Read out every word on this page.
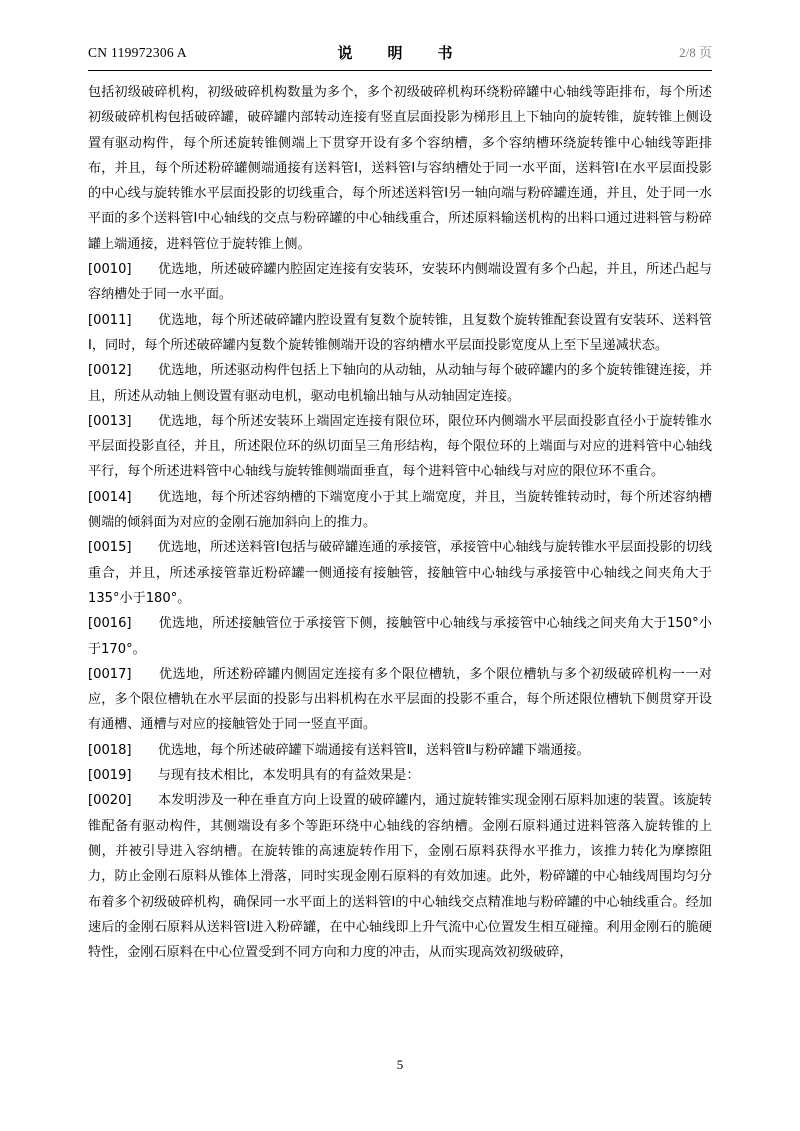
CN 119972306 A	说　明　书	2/8 页

包括初级破碎机构，初级破碎机构数量为多个，多个初级破碎机构环绕粉碎罐中心轴线等距排布，每个所述初级破碎机构包括破碎罐，破碎罐内部转动连接有竖直层面投影为梯形且上下轴向的旋转锥，旋转锥上侧设置有驱动构件，每个所述旋转锥侧端上下贯穿开设有多个容纳槽，多个容纳槽环绕旋转锥中心轴线等距排布，并且，每个所述粉碎罐侧端通接有送料管Ⅰ，送料管Ⅰ与容纳槽处于同一水平面，送料管Ⅰ在水平层面投影的中心线与旋转锥水平层面投影的切线重合，每个所述送料管Ⅰ另一轴向端与粉碎罐连通，并且，处于同一水平面的多个送料管Ⅰ中心轴线的交点与粉碎罐的中心轴线重合，所述原料输送机构的出料口通过进料管与粉碎罐上端通接，进料管位于旋转锥上侧。

[0010]　　 优选地，所述破碎罐内腔固定连接有安装环，安装环内侧端设置有多个凸起，并且，所述凸起与容纳槽处于同一水平面。

[0011]　　 优选地，每个所述破碎罐内腔设置有复数个旋转锥，且复数个旋转锥配套设置有安装环、送料管Ⅰ，同时，每个所述破碎罐内复数个旋转锥侧端开设的容纳槽水平层面投影宽度从上至下呈递减状态。

[0012]　　 优选地，所述驱动构件包括上下轴向的从动轴，从动轴与每个破碎罐内的多个旋转锥键连接，并且，所述从动轴上侧设置有驱动电机，驱动电机输出轴与从动轴固定连接。

[0013]　　 优选地，每个所述安装环上端固定连接有限位环，限位环内侧端水平层面投影直径小于旋转锥水平层面投影直径，并且，所述限位环的纵切面呈三角形结构，每个限位环的上端面与对应的进料管中心轴线平行，每个所述进料管中心轴线与旋转锥侧端面垂直，每个进料管中心轴线与对应的限位环不重合。

[0014]　　 优选地，每个所述容纳槽的下端宽度小于其上端宽度，并且，当旋转锥转动时，每个所述容纳槽侧端的倾斜面为对应的金刚石施加斜向上的推力。

[0015]　　 优选地，所述送料管Ⅰ包括与破碎罐连通的承接管，承接管中心轴线与旋转锥水平层面投影的切线重合，并且，所述承接管靠近粉碎罐一侧通接有接触管，接触管中心轴线与承接管中心轴线之间夹角大于135°小于180°。

[0016]　　 优选地，所述接触管位于承接管下侧，接触管中心轴线与承接管中心轴线之间夹角大于150°小于170°。

[0017]　　 优选地，所述粉碎罐内侧固定连接有多个限位槽轨，多个限位槽轨与多个初级破碎机构一一对应，多个限位槽轨在水平层面的投影与出料机构在水平层面的投影不重合，每个所述限位槽轨下侧贯穿开设有通槽、通槽与对应的接触管处于同一竖直平面。

[0018]　　 优选地，每个所述破碎罐下端通接有送料管Ⅱ，送料管Ⅱ与粉碎罐下端通接。

[0019]　　 与现有技术相比，本发明具有的有益效果是：

[0020]　　 本发明涉及一种在垂直方向上设置的破碎罐内，通过旋转锥实现金刚石原料加速的装置。该旋转锥配备有驱动构件，其侧端设有多个等距环绕中心轴线的容纳槽。金刚石原料通过进料管落入旋转锥的上侧，并被引导进入容纳槽。在旋转锥的高速旋转作用下，金刚石原料获得水平推力，该推力转化为摩擦阻力，防止金刚石原料从锥体上滑落，同时实现金刚石原料的有效加速。此外，粉碎罐的中心轴线周围均匀分布着多个初级破碎机构，确保同一水平面上的送料管Ⅰ的中心轴线交点精准地与粉碎罐的中心轴线重合。经加速后的金刚石原料从送料管Ⅰ进入粉碎罐，在中心轴线即上升气流中心位置发生相互碰撞。利用金刚石的脆硬特性，金刚石原料在中心位置受到不同方向和力度的冲击，从而实现高效初级破碎，

5
